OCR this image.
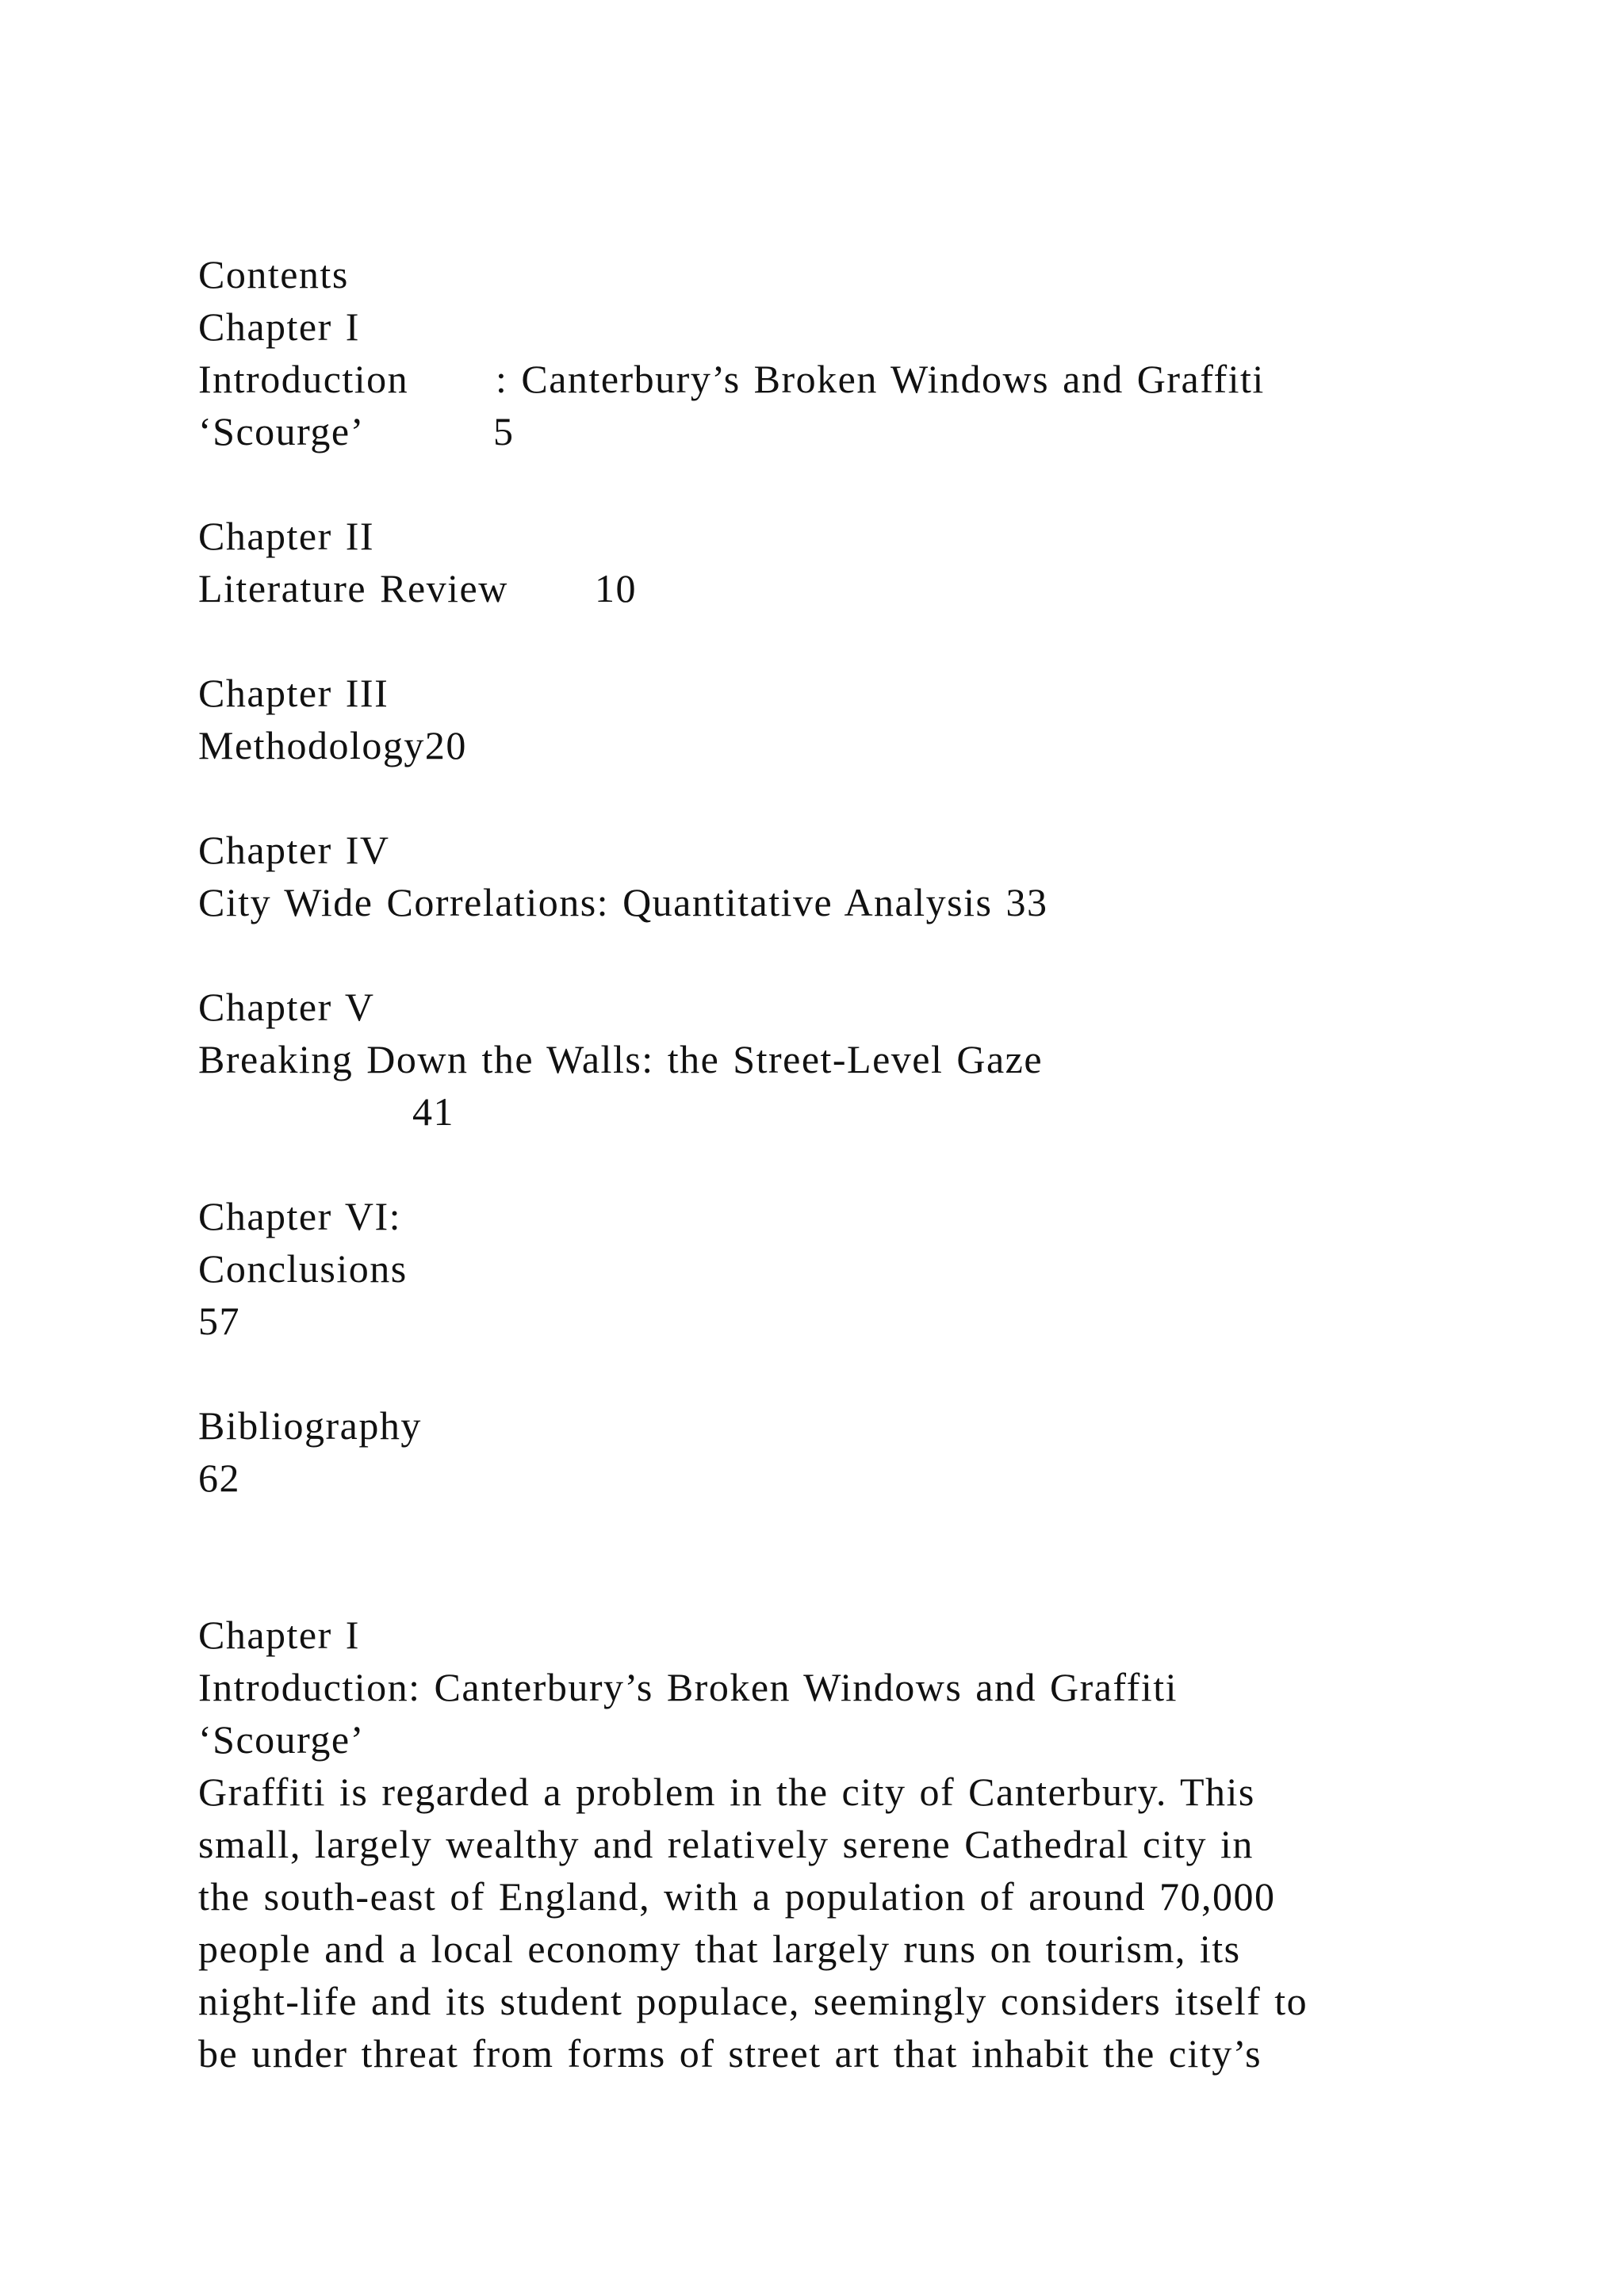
Contents
Chapter I
Introduction : Canterbury’s Broken Windows and Graffiti
‘Scourge’	5
Chapter II
Literature Review 10
Chapter III
Methodology20
Chapter IV
City Wide Correlations: Quantitative Analysis 33
Chapter V
Breaking Down the Walls: the Street-Level Gaze
41
Chapter VI:
Conclusions
57
Bibliography
62
Chapter I
Introduction: Canterbury’s Broken Windows and Graffiti
‘Scourge’
Graffiti is regarded a problem in the city of Canterbury. This
small, largely wealthy and relatively serene Cathedral city in
the south-east of England, with a population of around 70,000
people and a local economy that largely runs on tourism, its
night-life and its student populace, seemingly considers itself to
be under threat from forms of street art that inhabit the city’s
